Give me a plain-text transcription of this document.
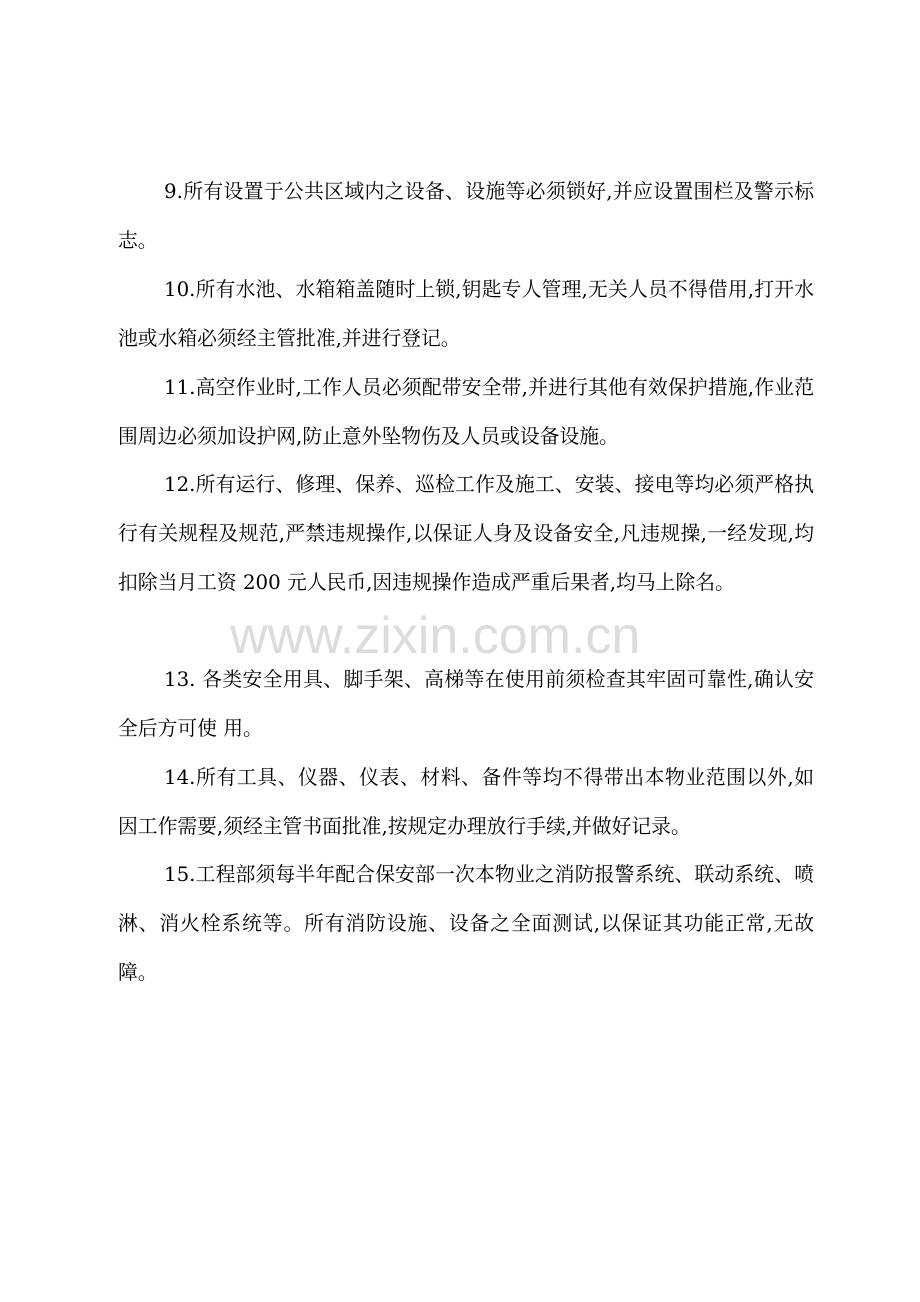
9.所有设置于公共区域内之设备、设施等必须锁好,并应设置围栏及警示标志。

10.所有水池、水箱箱盖随时上锁,钥匙专人管理,无关人员不得借用,打开水池或水箱必须经主管批准,并进行登记。

11.高空作业时,工作人员必须配带安全带,并进行其他有效保护措施,作业范围周边必须加设护网,防止意外坠物伤及人员或设备设施。

12.所有运行、修理、保养、巡检工作及施工、安装、接电等均必须严格执行有关规程及规范,严禁违规操作,以保证人身及设备安全,凡违规操,一经发现,均扣除当月工资 200 元人民币,因违规操作造成严重后果者,均马上除名。

13. 各类安全用具、脚手架、高梯等在使用前须检查其牢固可靠性,确认安全后方可使 用。

14.所有工具、仪器、仪表、材料、备件等均不得带出本物业范围以外,如因工作需要,须经主管书面批准,按规定办理放行手续,并做好记录。

15.工程部须每半年配合保安部一次本物业之消防报警系统、联动系统、喷淋、消火栓系统等。所有消防设施、设备之全面测试,以保证其功能正常,无故障。

www.zixin.com.cn
